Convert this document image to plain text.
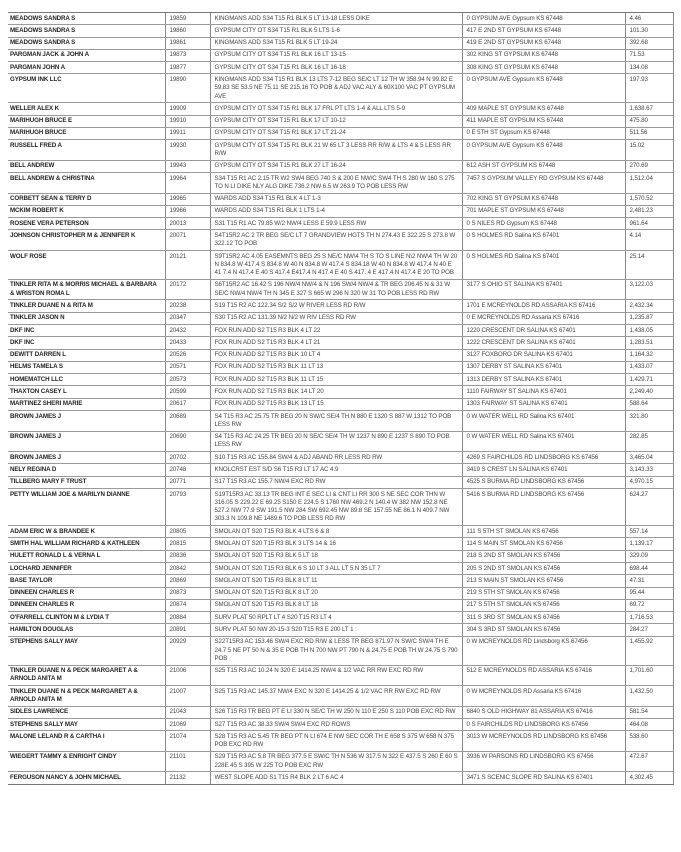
MEADOWS SANDRA S	19859	KINGMANS ADD S34 T15 R1 BLK 5 LT 13-18 LESS DIKE	0 GYPSUM AVE Gypsum KS 67448	4.46
MEADOWS SANDRA S	19860	GYPSUM CITY OT S34 T15 R1 BLK 5 LTS 1-6	417 E 2ND ST GYPSUM KS 67448	101.30
MEADOWS SANDRA S	19861	KINGMANS ADD S34 T15 R1 BLK 5 LT 19-24	419 E 2ND ST GYPSUM KS 67448	392.68
PARGMAN JACK & JOHN A	19873	GYPSUM CITY OT S34 T15 R1 BLK 16 LT 13-15	302 KING ST GYPSUM KS 67448	71.53
PARGMAN JOHN A	19877	GYPSUM CITY OT S34 T15 R1 BLK 16 LT 16-18	308 KING ST GYPSUM KS 67448	134.08
GYPSUM INK LLC	19890	KINGMANS ADD S34 T15 R1 BLK 13 LTS 7-12 BEG SE/C LT 12 TH W 358.94 N 99.82 E 59.83 SE 53.5 NE 75.11 SE 215.16 TO POB & ADJ VAC ALY & 60X100 VAC PT GYPSUM AVE	0 GYPSUM AVE Gypsum KS 67448	197.93
WELLER ALEX K	19909	GYPSUM CITY OT S34 T15 R1 BLK 17 FRL PT LTS 1-4 & ALL LTS 5-9	409 MAPLE ST GYPSUM KS 67448	1,638.67
MARIHUGH BRUCE E	19910	GYPSUM CITY OT S34 T15 R1 BLK 17 LT 10-12	411 MAPLE ST GYPSUM KS 67448	475.80
MARIHUGH BRUCE	19911	GYPSUM CITY OT S34 T15 R1 BLK 17 LT 21-24	0 E 5TH ST Gypsum KS 67448	511.56
RUSSELL FRED A	19930	GYPSUM CITY OT S34 T15 R1 BLK 21 W 65 LT 3 LESS RR R/W & LTS 4 & 5 LESS RR R/W	0 GYPSUM AVE Gypsum KS 67448	15.02
BELL ANDREW	19943	GYPSUM CITY OT S34 T15 R1 BLK 27 LT 16-24	612 ASH ST GYPSUM KS 67448	270.69
BELL ANDREW & CHRISTINA	19964	S34 T15 R1 AC 2.15 TR W2 SW4 BEG 740 S & 200 E NW/C SW4 TH S 280 W 160 S 275 TO N LI DIKE NLY ALG DIKE 736.2 NW 6.5 W 263.9 TO POB LESS RW	7457 S GYPSUM VALLEY RD GYPSUM KS 67448	1,512.04
CORBETT SEAN & TERRY D	19965	WARDS ADD S34 T15 R1 BLK 4 LT 1-3	702 KING ST GYPSUM KS 67448	1,570.52
MCKIM ROBERT K	19966	WARDS ADD S34 T15 R1 BLK 1 LTS 1-4	701 MAPLE ST GYPSUM KS 67448	2,481.23
ROSENE VERA PETERSON	20013	S31 T15 R1 AC 79.85 W/2 NW/4 LESS E 59.9 LESS RW	0 S NILES RD Gypsum KS 67448	961.64
JOHNSON CHRISTOPHER M & JENNIFER K	20071	S4T15R2 AC 2 TR BEG SE/C LT 7 GRANDVIEW HGTS TH N 274.43 E 322.25 S 273.8 W 322.12 TO POB	0 S HOLMES RD Salina KS 67401	4.14
WOLF ROSE	20121	S9T15R2 AC 4.05 EASEMNTS BEG 25 S NE/C NW\4 TH S TO S LINE N\2 NW\4 TH W 20 N 834.8 W 417.4 S 834.8 W 40 N 834.8 W 417.4 S 834.18 W 40 N 834.8 W 417.4 N 40 E 41 7.4 N 417.4 E 40 S 417.4 E417.4 N 417.4 E 40 S 417. 4 E 417.4 N 417.4 E 20 TO POB	0 S HOLMES RD Salina KS 67401	25.14
TINKLER RITA M & MORRIS MICHAEL & BARBARA & WRISTON ROMA L	20172	S6T15R2 AC 16.42 S 196 NW/4 NW/4 & N 196 SW/4 NW/4 & TR BEG 206.45 N & 31 W SE/C NW/4 NW/4 TH N 345 E 327 S 665 W 296 N 320 W 31 TO POB LESS RD RW	3177 S OHIO ST SALINA KS 67401	3,122.03
TINKLER DUANE N & RITA M	20238	S19 T15 R2 AC 122.34 S/2 S/2 W RIVER LESS RD R/W	1701 E MCREYNOLDS RD ASSARIA KS 67416	2,432.34
TINKLER JASON N	20347	S30 T15 R2 AC 131.39 N/2 N/2 W RIV LESS RD RW	0 E MCREYNOLDS RD Assaria KS 67416	1,235.87
DKF INC	20432	FOX RUN ADD S2 T15 R3 BLK 4 LT 22	1220 CRESCENT DR SALINA KS 67401	1,438.05
DKF INC	20433	FOX RUN ADD S2 T15 R3 BLK 4 LT 21	1222 CRESCENT DR SALINA KS 67401	1,283.51
DEWITT DARREN L	20526	FOX RUN ADD S2 T15 R3 BLK 10 LT 4	3127 FOXBORO DR SALINA KS 67401	1,164.32
HELMS TAMELA S	20571	FOX RUN ADD S2 T15 R3 BLK 11 LT 13	1307 DERBY ST SALINA KS 67401	1,433.07
HOMEMATCH LLC	20573	FOX RUN ADD S2 T15 R3 BLK 11 LT 15	1313 DERBY ST SALINA KS 67401	1,429.71
THAXTON CASEY L	20599	FOX RUN ADD S2 T15 R3 BLK 14 LT 20	1110 FAIRWAY ST SALINA KS 67401	2,249.40
MARTINEZ SHERI MARIE	20617	FOX RUN ADD S2 T15 R3 BLK 13 LT 15	1303 FAIRWAY ST SALINA KS 67401	588.64
BROWN JAMES J	20689	S4 T15 R3 AC 25.75 TR BEG 20 N SW/C SE/4 TH N 880 E 1320 S 887 W 1312 TO POB LESS RW	0 W WATER WELL RD Salina KS 67401	321.80
BROWN JAMES J	20690	S4 T15 R3 AC 24.25 TR BEG 20 N SE/C SE/4 TH W 1237 N 890 E 1237 S 890 TO POB LESS RW	0 W WATER WELL RD Salina KS 67401	282.85
BROWN JAMES J	20702	S10 T15 R3 AC 155.84 SW/4 & ADJ ABAND RR LESS RD RW	4269 S FAIRCHILDS RD LINDSBORG KS 67456	3,465.04
NELY REGINA D	20748	KNOLCRST EST S/D S6 T15 R3 LT 17 AC 4.9	3419 S CREST LN SALINA KS 67401	3,143.33
TILLBERG MARY F TRUST	20771	S17 T15 R3 AC 155.7 NW/4 EXC RD RW	4525 S BURMA RD LINDSBORG KS 67456	4,970.15
PETTY WILLIAM JOE & MARILYN DIANNE	20793	S19T15R3 AC 33.13 TR BEG INT E SEC LI & CNT LI RR 300 S NE SEC COR THN W 316.05 S 229.22 E 69.25 S150 E 224.5 S 1760 NW 469.2 N 140.4 W 382 NW 152.8 NE 527.2 NW 77.9 SW 191.5 NW 284 SW 692.45 NW 89.8 SE 157.55 NE 86.1 N 409.7 NW 303.3 N 109.8 NE 1489.6 TO POB LESS RD RW	5416 S BURMA RD LINDSBORG KS 67456	624.27
ADAM ERIC W & BRANDEE K	20805	SMOLAN OT S20 T15 R3 BLK 4 LTS 6 & 8	111 S 5TH ST SMOLAN KS 67456	557.14
SMITH HAL WILLIAM RICHARD & KATHLEEN	20815	SMOLAN OT S20 T15 R3 BLK 3 LTS 14 & 16	114 S MAIN ST SMOLAN KS 67456	1,139.17
HULETT RONALD L & VERNA L	20836	SMOLAN OT S20 T15 R3 BLK 5 LT 18	218 S 2ND ST SMOLAN KS 67456	329.09
LOCHARD JENNIFER	20842	SMOLAN OT S20 T15 R3 BLK 6 S 10 LT 3 ALL LT 5 N 35 LT 7	205 S 2ND ST SMOLAN KS 67456	698.44
BASE TAYLOR	20869	SMOLAN OT S20 T15 R3 BLK 8 LT 11	213 S MAIN ST SMOLAN KS 67456	47.31
DINNEEN CHARLES R	20873	SMOLAN OT S20 T15 R3 BLK 8 LT 20	219 S 5TH ST SMOLAN KS 67456	95.44
DINNEEN CHARLES R	20874	SMOLAN OT S20 T15 R3 BLK 8 LT 18	217 S 5TH ST SMOLAN KS 67456	69.72
O'FARRELL CLINTON M & LYDIA T	20884	SURV PLAT 50 RPLT LT 4 S20 T15 R3 LT 4	311 S 3RD ST SMOLAN KS 67456	1,716.53
HAMILTON DOUGLAS	20891	SURV PLAT 50 NW 20-15-3 S20 T15 R3 E 200 LT 1 :	304 S 3RD ST SMOLAN KS 67456	284.27
STEPHENS SALLY MAY	20929	S22T15R3 AC 153.46 SW/4 EXC RD R/W & LESS TR BEG 871.97 N SW/C SW/4 TH E 24.7 5 NE PT 50 N & 35 E POB TH N 700 NW PT 790 N & 24.75 E POB TH W 24.75 S 790 POB	0 W MCREYNOLDS RD Lindsborg KS 67456	1,455.92
TINKLER DUANE N & PECK MARGARET A & ARNOLD ANITA M	21006	S25 T15 R3 AC 10.24 N 320 E 1414.25 NW/4 & 1/2 VAC RR RW EXC RD RW	512 E MCREYNOLDS RD ASSARIA KS 67416	1,701.60
TINKLER DUANE N & PECK MARGARET A & ARNOLD ANITA M	21007	S25 T15 R3 AC 145.37 NW/4 EXC N 320 E 1414.25 & 1/2 VAC RR RW EXC RD RW	0 W MCREYNOLDS RD Assaria KS 67416	1,432.50
SIDLES LAWRENCE	21043	S26 T15 R3 TR BEG PT E LI 330 N SE/C TH W 250 N 110 E 250 S 110 POB EXC RD RW	6840 S OLD HIGHWAY 81 ASSARIA KS 67416	581.54
STEPHENS SALLY MAY	21069	S27 T15 R3 AC 38.33 SW/4 SW/4 EXC RD ROWS	0 S FAIRCHILDS RD LINDSBORG KS 67456	464.08
MALONE LELAND R & CARTHA I	21074	S28 T15 R3 AC 5.45 TR BEG PT N LI 674 E NW SEC COR TH E 658 S 375 W 658 N 375 POB EXC RD RW	3013 W MCREYNOLDS RD LINDSBORG KS 67456	538.60
WIEGERT TAMMY & ENRIGHT CINDY	21101	S29 T15 R3 AC 5.8 TR BEG 377.5 E SW/C TH N 536 W 317.5 N 322 E 437.5 S 260 E 60 S 228E 45 S 395 W 225 TO POB EXC RW	3936 W PARSONS RD LINDSBORG KS 67456	472.67
FERGUSON NANCY & JOHN MICHAEL	21132	WEST SLOPE ADD S1 T15 R4 BLK 2 LT 6 AC 4	3471 S SCENIC SLOPE RD SALINA KS 67401	4,302.45
